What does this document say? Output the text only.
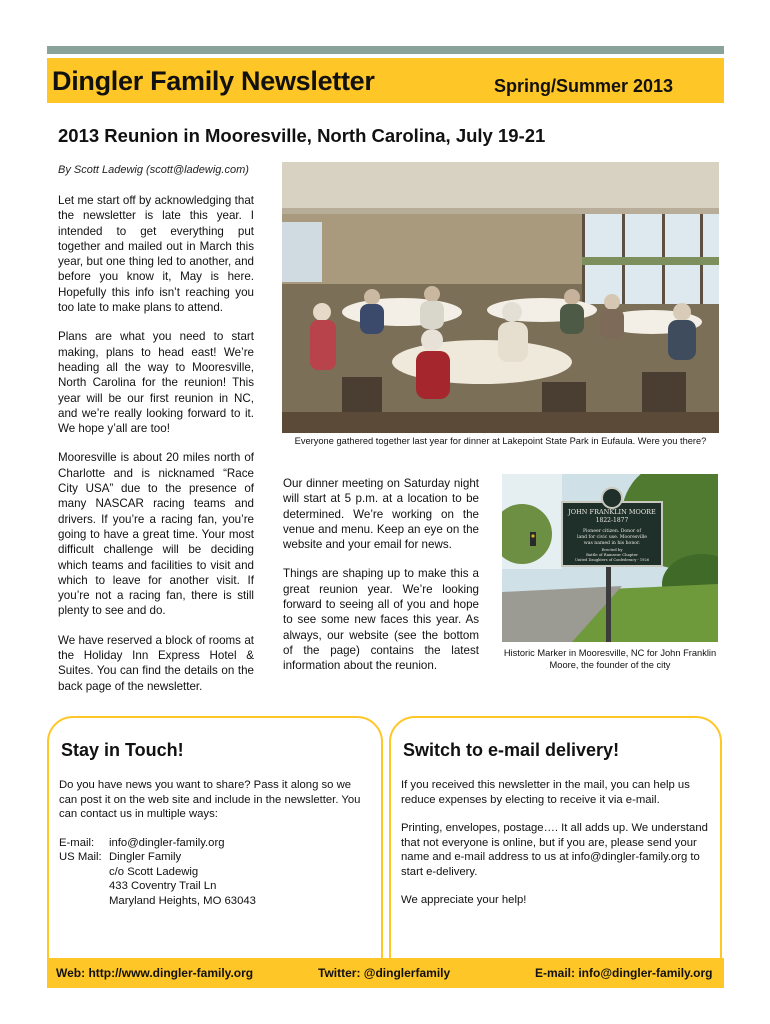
Dingler Family Newsletter	Spring/Summer 2013
2013 Reunion in Mooresville, North Carolina, July 19-21
By Scott Ladewig (scott@ladewig.com)

Let me start off by acknowledging that the newsletter is late this year. I intended to get everything put together and mailed out in March this year, but one thing led to another, and before you know it, May is here. Hopefully this info isn’t reaching you too late to make plans to attend.

Plans are what you need to start making, plans to head east! We’re heading all the way to Mooresville, North Carolina for the reunion! This year will be our first reunion in NC, and we’re really looking forward to it. We hope y’all are too!

Mooresville is about 20 miles north of Charlotte and is nicknamed “Race City USA” due to the presence of many NASCAR racing teams and drivers. If you’re a racing fan, you’re going to have a great time. Your most difficult challenge will be deciding which teams and facilities to visit and which to leave for another visit. If you’re not a racing fan, there is still plenty to see and do.

We have reserved a block of rooms at the Holiday Inn Express Hotel & Suites. You can find the details on the back page of the newsletter.

Everyone gathered together last year for dinner at Lakepoint State Park in Eufaula. Were you there?

Our dinner meeting on Saturday night will start at 5 p.m. at a location to be determined. We’re working on the venue and menu. Keep an eye on the website and your email for news.

Things are shaping up to make this a great reunion year. We’re looking forward to seeing all of you and hope to see some new faces this year. As always, our website (see the bottom of the page) contains the latest information about the reunion.

JOHN FRANKLIN MOORE
1822-1877
Pioneer citizen. Donor of
land for civic use. Mooresville
was named in his honor.
Erected by
Battle of Ramseur Chapter
United Daughters of Confederacy - 1926
Historic Marker in Mooresville, NC for John Franklin Moore, the founder of the city
Stay in Touch!

Do you have news you want to share? Pass it along so we can post it on the web site and include in the newsletter. You can contact us in multiple ways:

E-mail:	info@dingler-family.org
US Mail: Dingler Family
c/o Scott Ladewig
433 Coventry Trail Ln
Maryland Heights, MO 63043
Switch to e-mail delivery!

If you received this newsletter in the mail, you can help us reduce expenses by electing to receive it via e-mail.

Printing, envelopes, postage…. It all adds up. We understand that not everyone is online, but if you are, please send your name and e-mail address to us at info@dingler-family.org to start e-delivery.

We appreciate your help!

Web: http://www.dingler-family.org	Twitter: @dinglerfamily	E-mail: info@dingler-family.org
